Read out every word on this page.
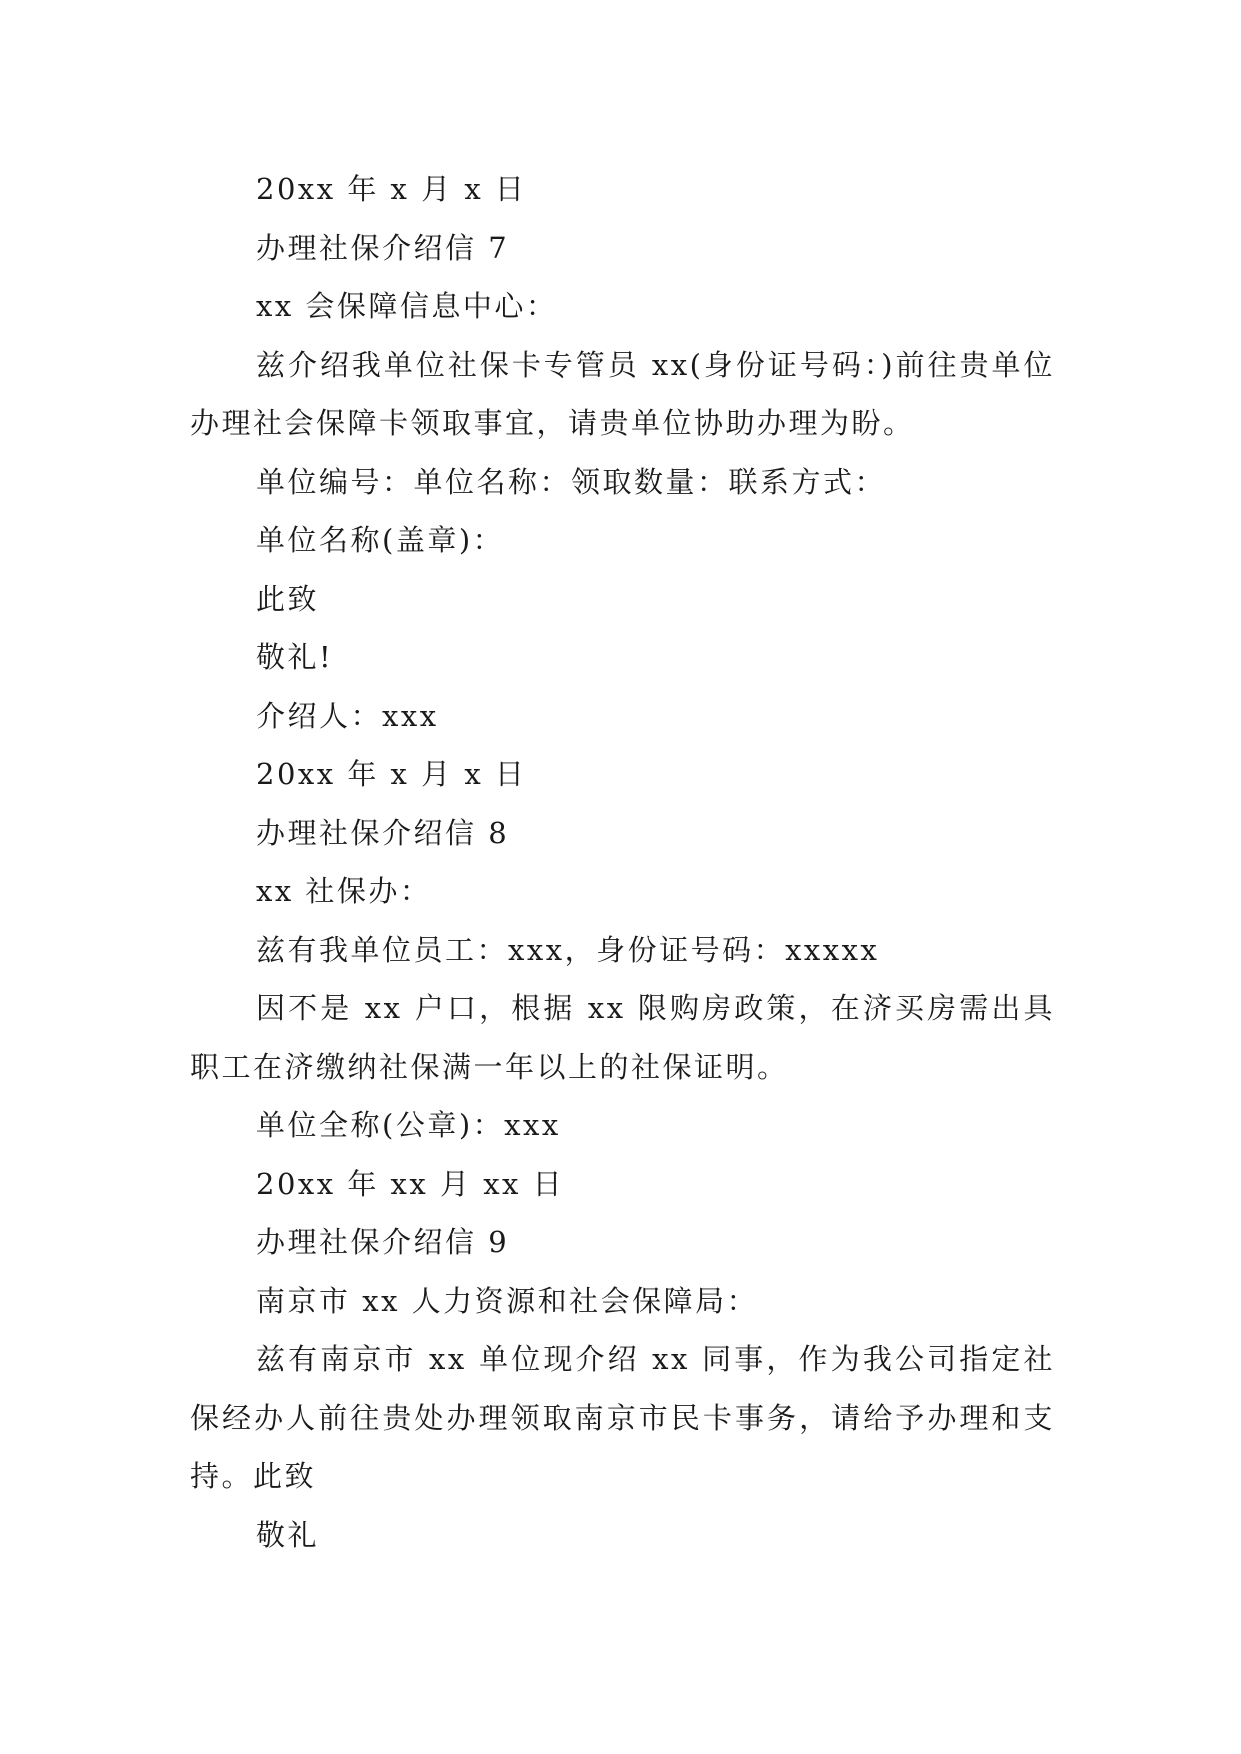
20xx 年 x 月 x 日

办理社保介绍信 7

xx 会保障信息中心：

兹介绍我单位社保卡专管员 xx(身份证号码：)前往贵单位办理社会保障卡领取事宜，请贵单位协助办理为盼。

单位编号：单位名称：领取数量：联系方式：

单位名称(盖章)：

此致

敬礼!

介绍人：xxx

20xx 年 x 月 x 日

办理社保介绍信 8

xx 社保办：

兹有我单位员工：xxx，身份证号码：xxxxx

因不是 xx 户口，根据 xx 限购房政策，在济买房需出具职工在济缴纳社保满一年以上的社保证明。

单位全称(公章)：xxx

20xx 年 xx 月 xx 日

办理社保介绍信 9

南京市 xx 人力资源和社会保障局：

兹有南京市 xx 单位现介绍 xx 同事，作为我公司指定社保经办人前往贵处办理领取南京市民卡事务，请给予办理和支持。此致

敬礼
